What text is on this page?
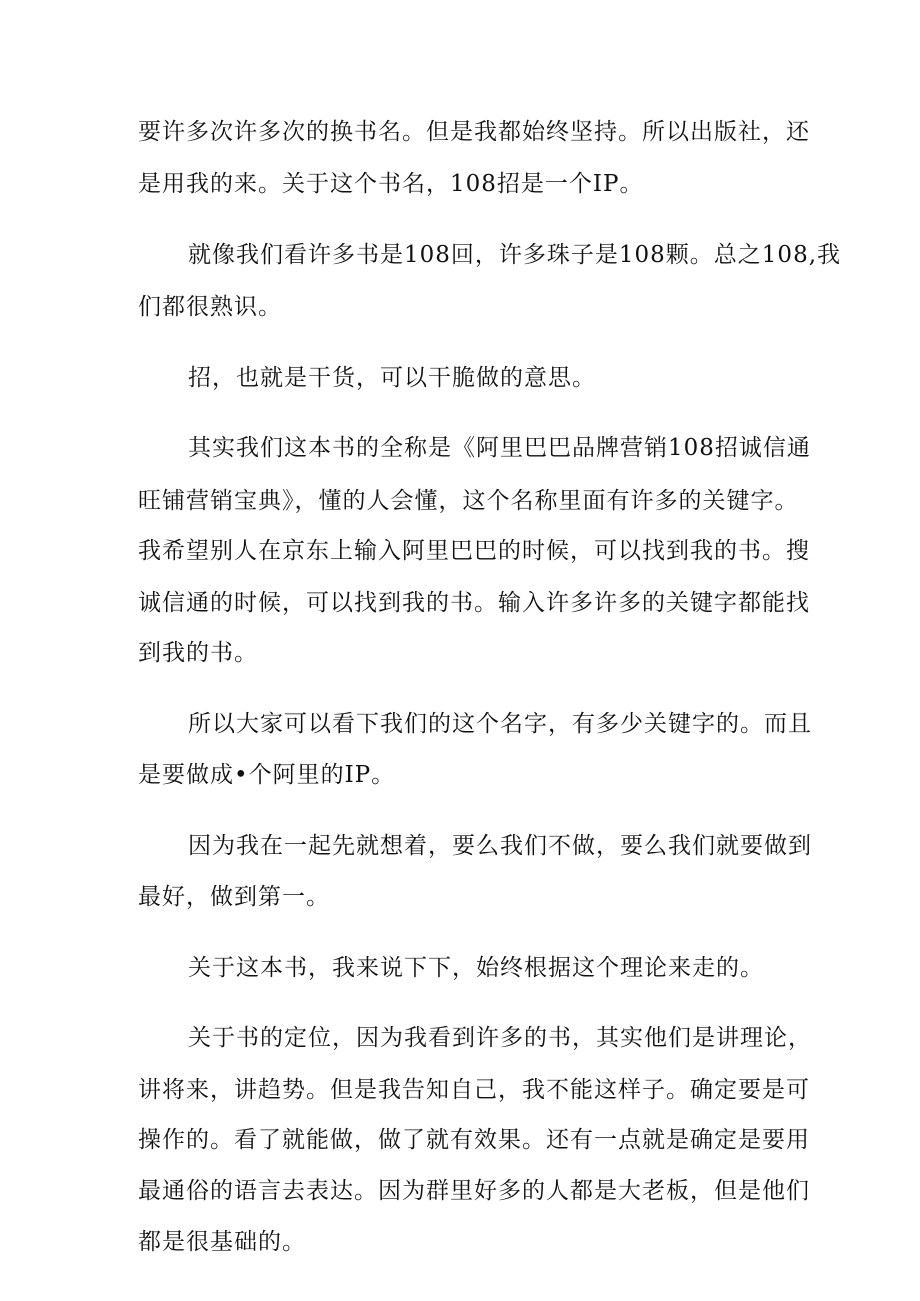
要许多次许多次的换书名。但是我都始终坚持。所以出版社，还

是用我的来。关于这个书名，108招是一个IP。

就像我们看许多书是108回，许多珠子是108颗。总之108,我

们都很熟识。

招，也就是干货，可以干脆做的意思。

其实我们这本书的全称是《阿里巴巴品牌营销108招诚信通

旺铺营销宝典》，懂的人会懂，这个名称里面有许多的关键字。

我希望别人在京东上输入阿里巴巴的时候，可以找到我的书。搜

诚信通的时候，可以找到我的书。输入许多许多的关键字都能找

到我的书。

所以大家可以看下我们的这个名字，有多少关键字的。而且

是要做成•个阿里的IP。

因为我在一起先就想着，要么我们不做，要么我们就要做到

最好，做到第一。

关于这本书，我来说下下，始终根据这个理论来走的。

关于书的定位，因为我看到许多的书，其实他们是讲理论，

讲将来，讲趋势。但是我告知自己，我不能这样子。确定要是可

操作的。看了就能做，做了就有效果。还有一点就是确定是要用

最通俗的语言去表达。因为群里好多的人都是大老板，但是他们

都是很基础的。
